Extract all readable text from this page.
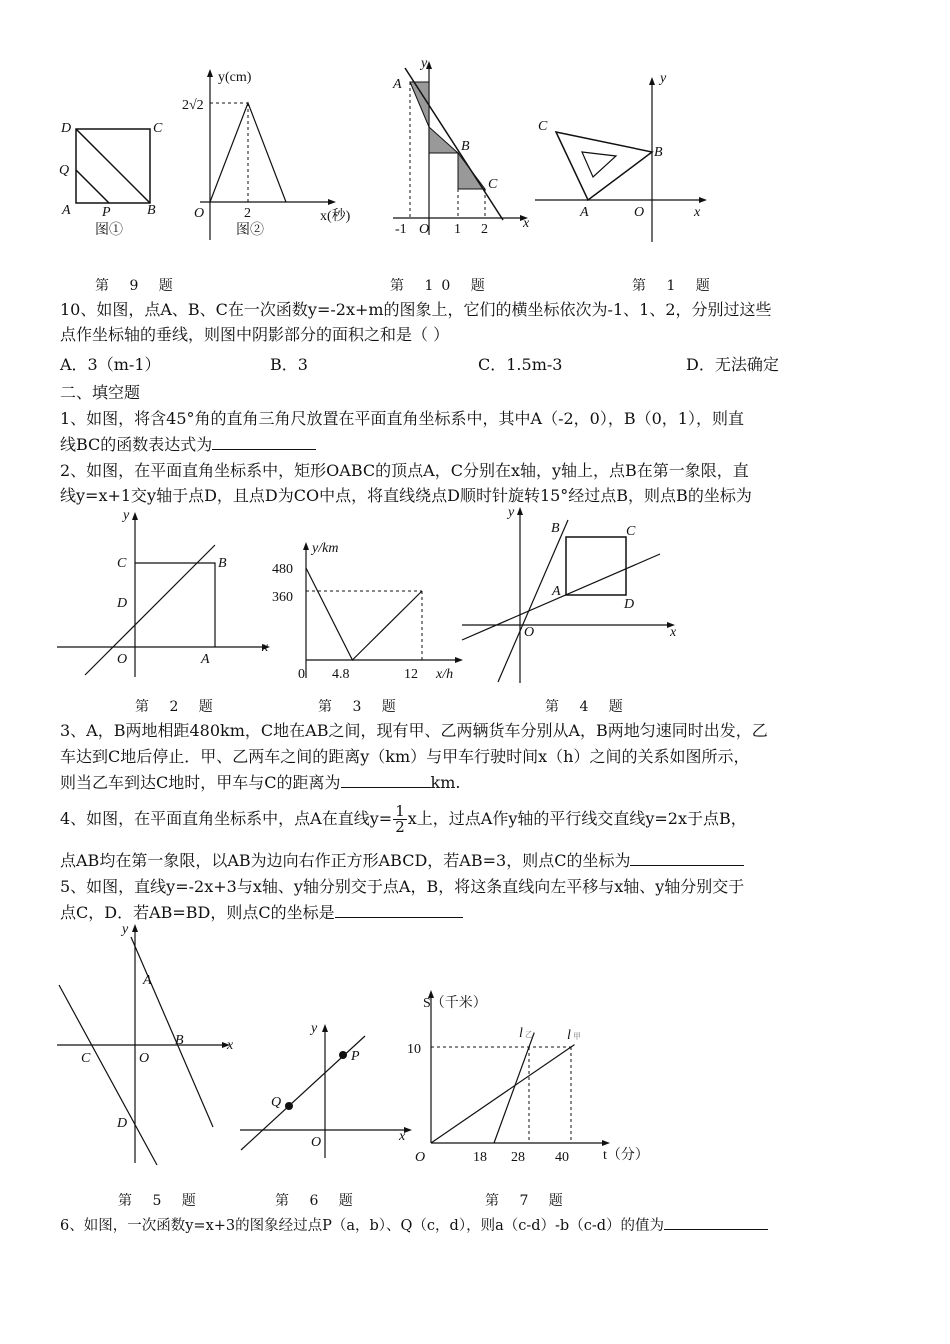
D	C
Q
A P	B
图①
y(cm)
2√2
O	2	x(秒)
图②
y
A
B
C
O
-1	1 2	x
y
C
B
A	O	x
第 9 题	第 10 题	第 1 题
10、如图，点A、B、C在一次函数y=-2x+m的图象上，它们的横坐标依次为-1、1、2，分别过这些
点作坐标轴的垂线，则图中阴影部分的面积之和是（ ）
A．3（m-1）	B．3	C．1.5m-3	D．无法确定
二、填空题
1、如图，将含45°角的直角三角尺放置在平面直角坐标系中，其中A（-2，0），B（0，1），则直
线BC的函数表达式为
2、如图，在平面直角坐标系中，矩形OABC的顶点A，C分别在x轴，y轴上，点B在第一象限，直
线y=x+1交y轴于点D，且点D为CO中点，将直线绕点D顺时针旋转15°经过点B，则点B的坐标为
y
C	B
D
O	A
x
y/km
480
360
0 4.8	12 x/h
y
B	C
A
D
O	x
第 2 题	第 3 题	第 4 题
3、A，B两地相距480km，C地在AB之间，现有甲、乙两辆货车分别从A，B两地匀速同时出发，乙
车达到C地后停止．甲、乙两车之间的距离y（km）与甲车行驶时间x（h）之间的关系如图所示，
则当乙车到达C地时，甲车与C的距离为	km.
4、如图，在平面直角坐标系中，点A在直线$y= \frac{1}{2}$ x上，过点A作y轴的平行线交直线y=2x于点B，
点AB均在第一象限，以AB为边向右作正方形ABCD，若AB=3，则点C的坐标为
5、如图，直线y=-2x+3与x轴、y轴分别交于点A，B，将这条直线向左平移与x轴、y轴分别交于
点C，D．若AB=BD，则点C的坐标是
y
A
C	O
B	x
D
y
P
Q
O	x
S（千米）
10
l 乙 l 甲
O	18 28 40 t（分）
第 5 题	第 6 题	第 7 题
6、如图，一次函数y=x+3的图象经过点P（a，b）、Q（c，d），则a（c-d）-b（c-d）的值为
